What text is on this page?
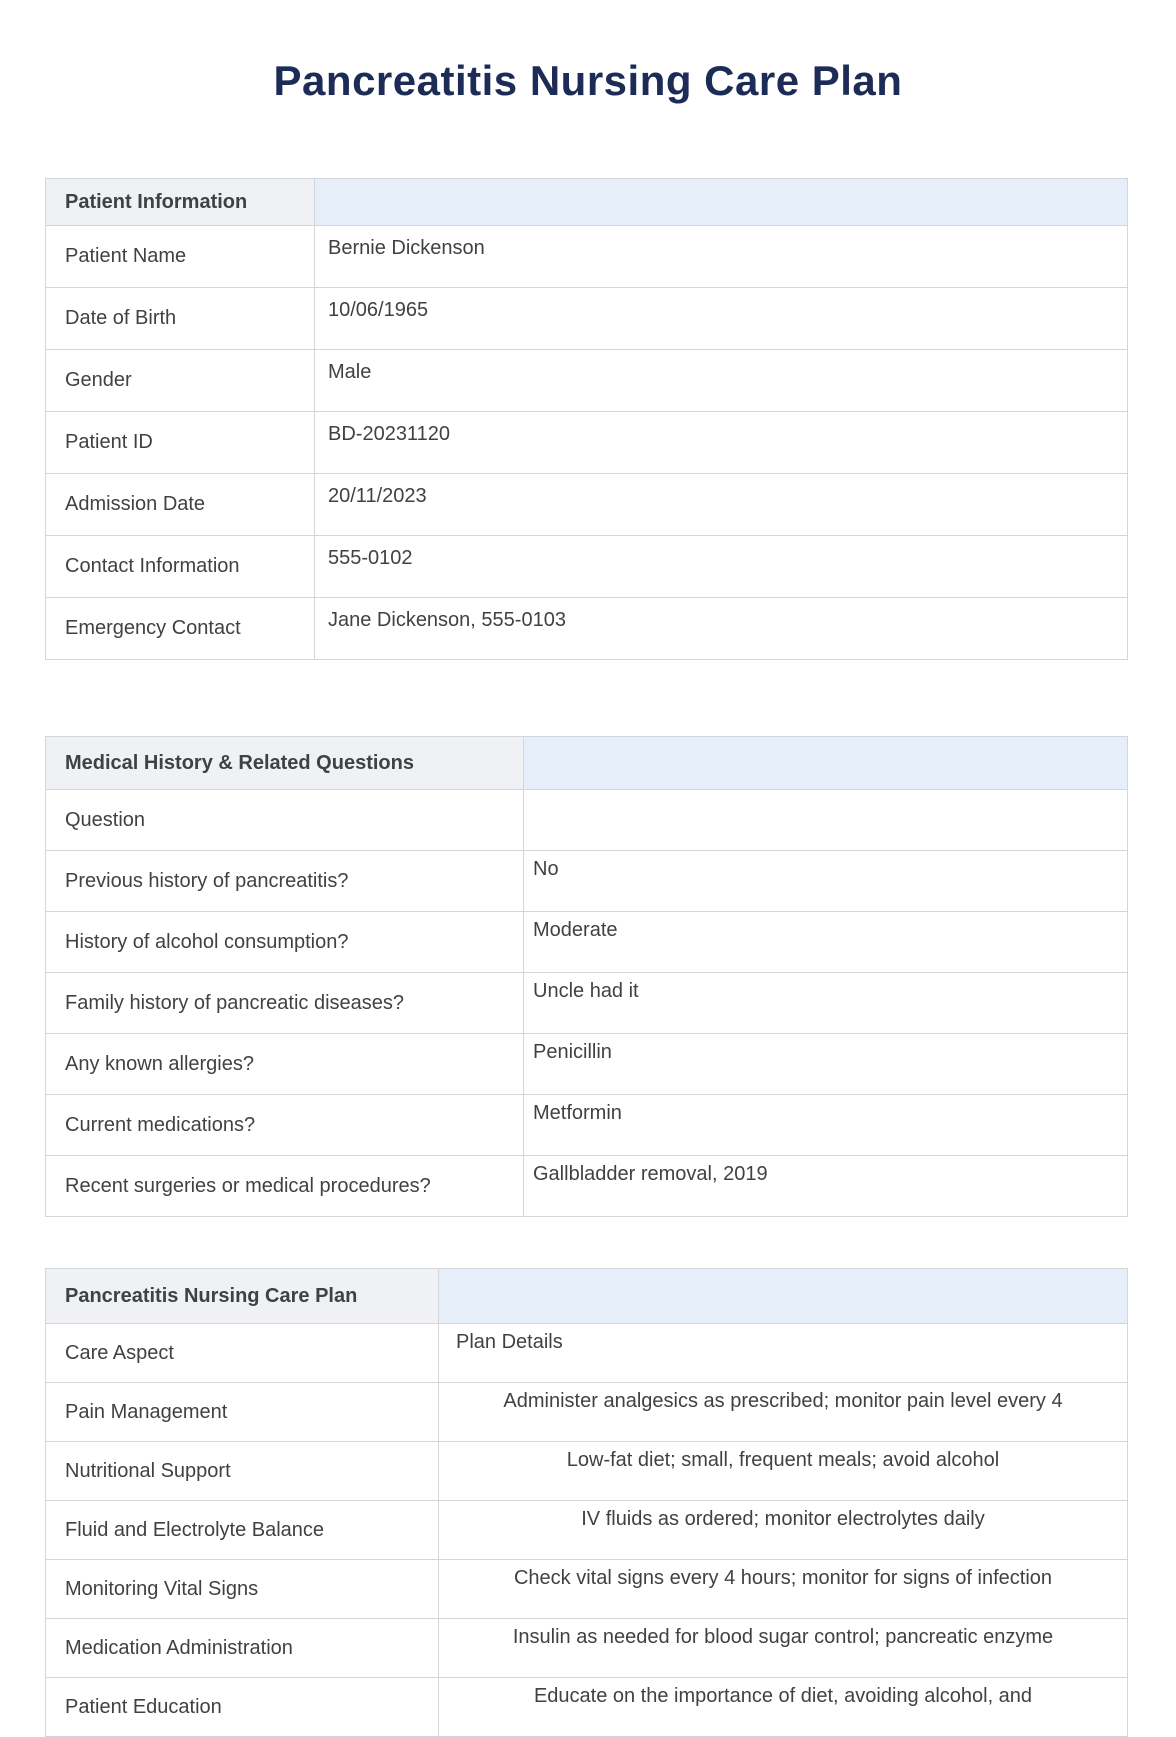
Pancreatitis Nursing Care Plan
Patient Information	
Patient Name	Bernie Dickenson
Date of Birth	10/06/1965
Gender	Male
Patient ID	BD-20231120
Admission Date	20/11/2023
Contact Information	555-0102
Emergency Contact	Jane Dickenson, 555-0103
Medical History & Related Questions	
Question	
Previous history of pancreatitis?	No
History of alcohol consumption?	Moderate
Family history of pancreatic diseases?	Uncle had it
Any known allergies?	Penicillin
Current medications?	Metformin
Recent surgeries or medical procedures?	Gallbladder removal, 2019
Pancreatitis Nursing Care Plan	
Care Aspect	Plan Details
Pain Management	Administer analgesics as prescribed; monitor pain level every 4
Nutritional Support	Low-fat diet; small, frequent meals; avoid alcohol
Fluid and Electrolyte Balance	IV fluids as ordered; monitor electrolytes daily
Monitoring Vital Signs	Check vital signs every 4 hours; monitor for signs of infection
Medication Administration	Insulin as needed for blood sugar control; pancreatic enzyme
Patient Education	Educate on the importance of diet, avoiding alcohol, and
